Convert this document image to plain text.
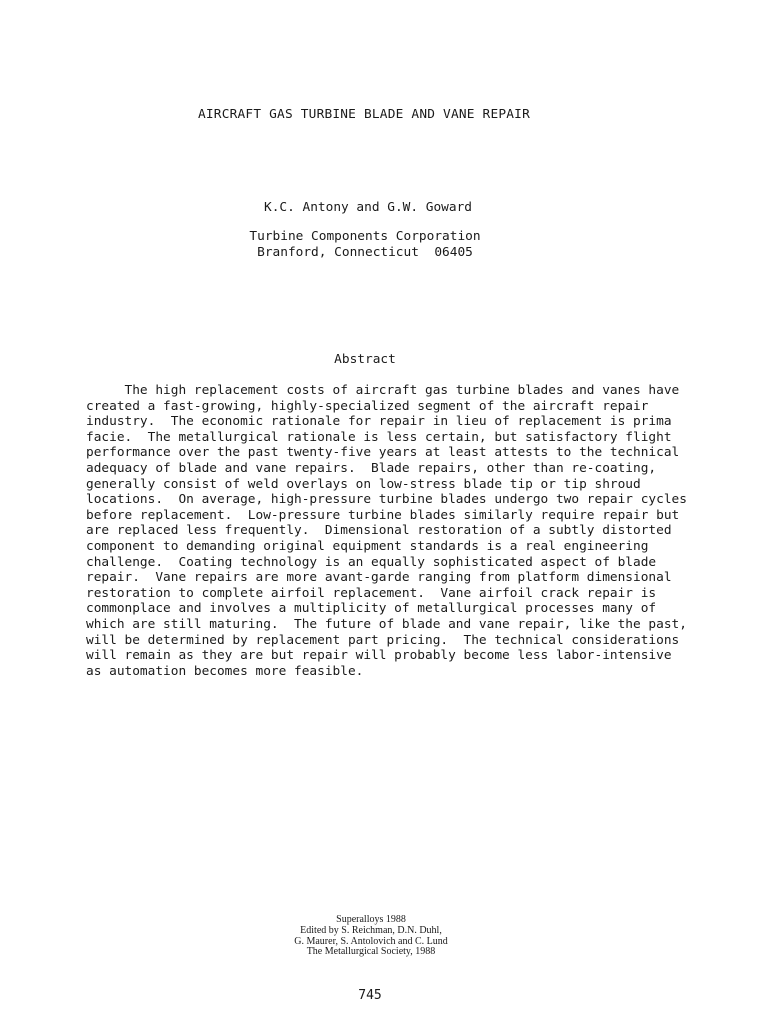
AIRCRAFT GAS TURBINE BLADE AND VANE REPAIR
K.C. Antony and G.W. Goward
Turbine Components Corporation
Branford, Connecticut  06405
Abstract
The high replacement costs of aircraft gas turbine blades and vanes have
created a fast-growing, highly-specialized segment of the aircraft repair
industry.  The economic rationale for repair in lieu of replacement is prima
facie.  The metallurgical rationale is less certain, but satisfactory flight
performance over the past twenty-five years at least attests to the technical
adequacy of blade and vane repairs.  Blade repairs, other than re-coating,
generally consist of weld overlays on low-stress blade tip or tip shroud
locations.  On average, high-pressure turbine blades undergo two repair cycles
before replacement.  Low-pressure turbine blades similarly require repair but
are replaced less frequently.  Dimensional restoration of a subtly distorted
component to demanding original equipment standards is a real engineering
challenge.  Coating technology is an equally sophisticated aspect of blade
repair.  Vane repairs are more avant-garde ranging from platform dimensional
restoration to complete airfoil replacement.  Vane airfoil crack repair is
commonplace and involves a multiplicity of metallurgical processes many of
which are still maturing.  The future of blade and vane repair, like the past,
will be determined by replacement part pricing.  The technical considerations
will remain as they are but repair will probably become less labor-intensive
as automation becomes more feasible.
Superalloys 1988
Edited by S. Reichman, D.N. Duhl,
G. Maurer, S. Antolovich and C. Lund
The Metallurgical Society, 1988
745
